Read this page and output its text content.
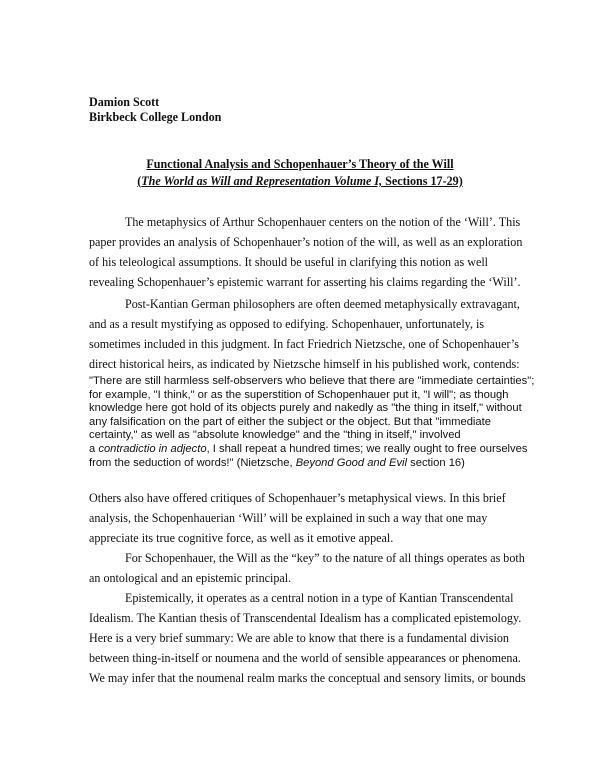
Damion Scott
Birkbeck College London
Functional Analysis and Schopenhauer’s Theory of the Will
(The World as Will and Representation Volume I, Sections 17-29)
The metaphysics of Arthur Schopenhauer centers on the notion of the ‘Will’. This
paper provides an analysis of Schopenhauer’s notion of the will, as well as an exploration
of his teleological assumptions. It should be useful in clarifying this notion as well
revealing Schopenhauer’s epistemic warrant for asserting his claims regarding the ‘Will’.
Post-Kantian German philosophers are often deemed metaphysically extravagant,
and as a result mystifying as opposed to edifying. Schopenhauer, unfortunately, is
sometimes included in this judgment. In fact Friedrich Nietzsche, one of Schopenhauer’s
direct historical heirs, as indicated by Nietzsche himself in his published work, contends:
"There are still harmless self-observers who believe that there are "immediate certainties";
for example, "I think," or as the superstition of Schopenhauer put it, "I will"; as though
knowledge here got hold of its objects purely and nakedly as "the thing in itself," without
any falsification on the part of either the subject or the object. But that "immediate
certainty," as well as "absolute knowledge" and the "thing in itself," involved
a contradictio in adjecto, I shall repeat a hundred times; we really ought to free ourselves
from the seduction of words!" (Nietzsche, Beyond Good and Evil section 16)
Others also have offered critiques of Schopenhauer’s metaphysical views. In this brief
analysis, the Schopenhauerian ‘Will’ will be explained in such a way that one may
appreciate its true cognitive force, as well as it emotive appeal.
For Schopenhauer, the Will as the “key” to the nature of all things operates as both
an ontological and an epistemic principal.
Epistemically, it operates as a central notion in a type of Kantian Transcendental
Idealism. The Kantian thesis of Transcendental Idealism has a complicated epistemology.
Here is a very brief summary: We are able to know that there is a fundamental division
between thing-in-itself or noumena and the world of sensible appearances or phenomena.
We may infer that the noumenal realm marks the conceptual and sensory limits, or bounds
